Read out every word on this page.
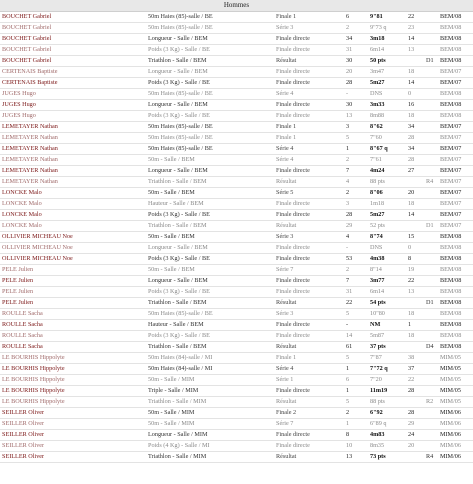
Hommes
BOUCHET Gabriel	50m Haies (85)-salle / BE	Finale 1	6	9"81	22		BEM/08
BOUCHET Gabriel	50m Haies (85)-salle / BE	Série 3	2	9"73 q	23		BEM/08
BOUCHET Gabriel	Longueur - Salle / BEM	Finale directe	34	3m18	14		BEM/08
BOUCHET Gabriel	Poids (3 Kg) - Salle / BE	Finale directe	31	6m14	13		BEM/08
BOUCHET Gabriel	Triathlon - Salle / BEM	Résultat	30	50 pts		D1	BEM/08
CERTENAIS Baptiste	Longueur - Salle / BEM	Finale directe	20	3m47	18		BEM/07
CERTENAIS Baptiste	Poids (3 Kg) - Salle / BE	Finale directe	28	5m27	14		BEM/07
JUGES Hugo	50m Haies (85)-salle / BE	Série 4	-	DNS	0		BEM/08
JUGES Hugo	Longueur - Salle / BEM	Finale directe	30	3m33	16		BEM/08
JUGES Hugo	Poids (3 Kg) - Salle / BE	Finale directe	13	8m88	18		BEM/08
LEMETAYER Nathan	50m Haies (85)-salle / BE	Finale 1	3	8"62	34		BEM/07
LEMETAYER Nathan	50m Haies (85)-salle / BE	Finale 1	5	7"60	28		BEM/07
LEMETAYER Nathan	50m Haies (85)-salle / BE	Série 4	1	8"67 q	34		BEM/07
LEMETAYER Nathan	50m - Salle / BEM	Série 4	2	7"61	28		BEM/07
LEMETAYER Nathan	Longueur - Salle / BEM	Finale directe	7	4m24	27		BEM/07
LEMETAYER Nathan	Triathlon - Salle / BEM	Résultat	4	88 pts		R4	BEM/07
LONCKE Malo	50m - Salle / BEM	Série 5	2	8"06	20		BEM/07
LONCKE Malo	Hauteur - Salle / BEM	Finale directe	3	1m18	18		BEM/07
LONCKE Malo	Poids (3 Kg) - Salle / BE	Finale directe	28	5m27	14		BEM/07
LONCKE Malo	Triathlon - Salle / BEM	Résultat	29	52 pts		D1	BEM/07
OLLIVIER MICHEAU Noe	50m - Salle / BEM	Série 3	4	8"74	15		BEM/08
OLLIVIER MICHEAU Noe	Longueur - Salle / BEM	Finale directe	-	DNS	0		BEM/08
OLLIVIER MICHEAU Noe	Poids (3 Kg) - Salle / BE	Finale directe	53	4m38	8		BEM/08
PELE Julien	50m - Salle / BEM	Série 7	2	8"14	19		BEM/08
PELE Julien	Longueur - Salle / BEM	Finale directe	7	3m77	22		BEM/08
PELE Julien	Poids (3 Kg) - Salle / BE	Finale directe	31	6m14	13		BEM/08
PELE Julien	Triathlon - Salle / BEM	Résultat	22	54 pts		D1	BEM/08
ROULLE Sacha	50m Haies (85)-salle / BE	Série 3	5	10"80	18		BEM/08
ROULLE Sacha	Hauteur - Salle / BEM	Finale directe	-	NM	1		BEM/08
ROULLE Sacha	Poids (3 Kg) - Salle / BE	Finale directe	14	5m87	18		BEM/08
ROULLE Sacha	Triathlon - Salle / BEM	Résultat	61	37 pts		D4	BEM/08
LE BOURHIS Hippolyte	50m Haies (84)-salle / MI	Finale 1	5	7"87	38		MIM/05
LE BOURHIS Hippolyte	50m Haies (84)-salle / MI	Série 4	1	7"72 q	37		MIM/05
LE BOURHIS Hippolyte	50m - Salle / MIM	Série 1	6	7"20	22		MIM/05
LE BOURHIS Hippolyte	Triple - Salle / MIM	Finale directe	1	11m19	28		MIM/05
LE BOURHIS Hippolyte	Triathlon - Salle / MIM	Résultat	5	88 pts		R2	MIM/05
SEILLER Oliver	50m - Salle / MIM	Finale 2	2	6"92	28		MIM/06
SEILLER Oliver	50m - Salle / MIM	Série 7	1	6"89 q	29		MIM/06
SEILLER Oliver	Longueur - Salle / MIM	Finale directe	8	4m83	24		MIM/06
SEILLER Oliver	Poids (4 Kg) - Salle / MI	Finale directe	10	8m35	20		MIM/06
SEILLER Oliver	Triathlon - Salle / MIM	Résultat	13	73 pts		R4	MIM/06
